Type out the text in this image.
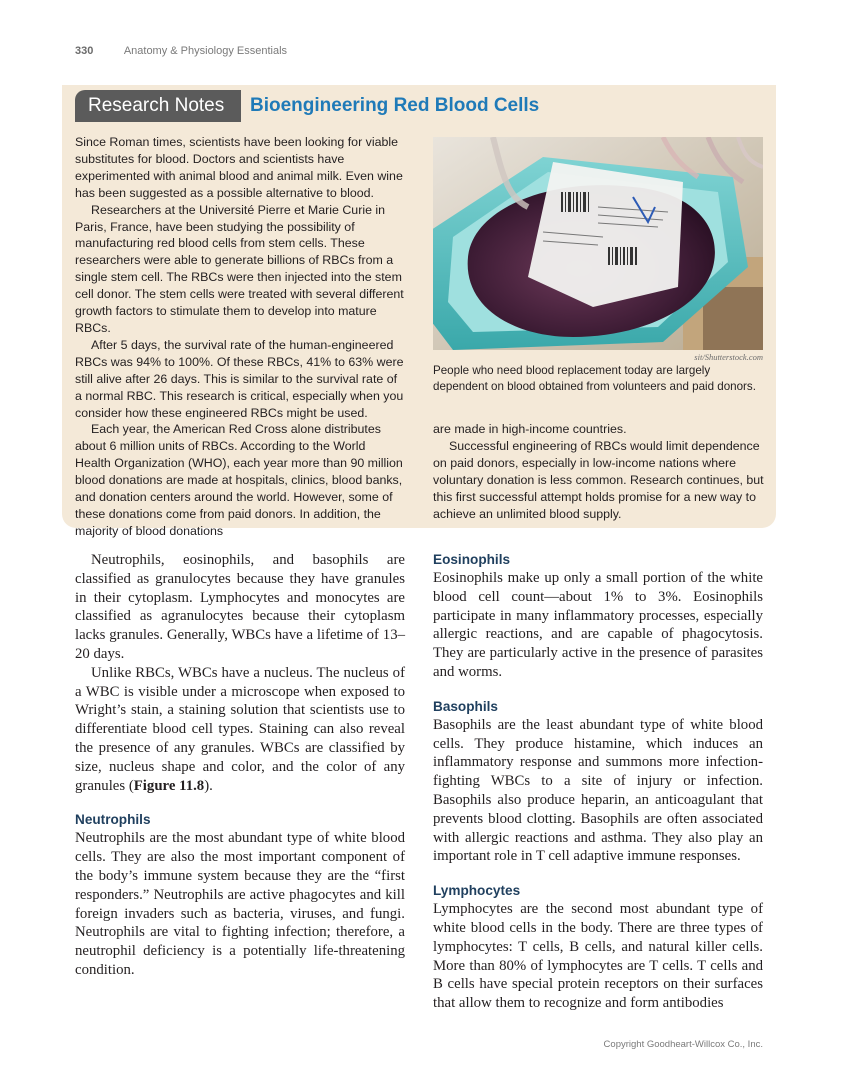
330	Anatomy & Physiology Essentials
Research Notes Bioengineering Red Blood Cells

Since Roman times, scientists have been looking for viable substitutes for blood. Doctors and scientists have experimented with animal blood and animal milk. Even wine has been suggested as a possible alternative to blood.

Researchers at the Université Pierre et Marie Curie in Paris, France, have been studying the possibility of manufacturing red blood cells from stem cells. These researchers were able to generate billions of RBCs from a single stem cell. The RBCs were then injected into the stem cell donor. The stem cells were treated with several different growth factors to stimulate them to develop into mature RBCs.

After 5 days, the survival rate of the human-engineered RBCs was 94% to 100%. Of these RBCs, 41% to 63% were still alive after 26 days. This is similar to the survival rate of a normal RBC. This research is critical, especially when you consider how these engineered RBCs might be used.

Each year, the American Red Cross alone distributes about 6 million units of RBCs. According to the World Health Organization (WHO), each year more than 90 million blood donations are made at hospitals, clinics, blood banks, and donation centers around the world. However, some of these donations come from paid donors. In addition, the majority of blood donations

sit/Shutterstock.com
People who need blood replacement today are largely dependent on blood obtained from volunteers and paid donors.

are made in high-income countries.

Successful engineering of RBCs would limit dependence on paid donors, especially in low-income nations where voluntary donation is less common. Research continues, but this first successful attempt holds promise for a new way to achieve an unlimited blood supply.

Neutrophils, eosinophils, and basophils are classified as granulocytes because they have granules in their cytoplasm. Lymphocytes and monocytes are classified as agranulocytes because their cytoplasm lacks granules. Generally, WBCs have a lifetime of 13–20 days.

Unlike RBCs, WBCs have a nucleus. The nucleus of a WBC is visible under a microscope when exposed to Wright’s stain, a staining solution that scientists use to differentiate blood cell types. Staining can also reveal the presence of any granules. WBCs are classified by size, nucleus shape and color, and the color of any granules (Figure 11.8).

Neutrophils

Neutrophils are the most abundant type of white blood cells. They are also the most important component of the body’s immune system because they are the “first responders.” Neutrophils are active phagocytes and kill foreign invaders such as bacteria, viruses, and fungi. Neutrophils are vital to fighting infection; therefore, a neutrophil deficiency is a potentially life-threatening condition.

Eosinophils

Eosinophils make up only a small portion of the white blood cell count—about 1% to 3%. Eosinophils participate in many inflammatory processes, especially allergic reactions, and are capable of phagocytosis. They are particularly active in the presence of parasites and worms.

Basophils

Basophils are the least abundant type of white blood cells. They produce histamine, which induces an inflammatory response and summons more infection-fighting WBCs to a site of injury or infection. Basophils also produce heparin, an anticoagulant that prevents blood clotting. Basophils are often associated with allergic reactions and asthma. They also play an important role in T cell adaptive immune responses.

Lymphocytes

Lymphocytes are the second most abundant type of white blood cells in the body. There are three types of lymphocytes: T cells, B cells, and natural killer cells. More than 80% of lymphocytes are T cells. T cells and B cells have special protein receptors on their surfaces that allow them to recognize and form antibodies

Copyright Goodheart-Willcox Co., Inc.
